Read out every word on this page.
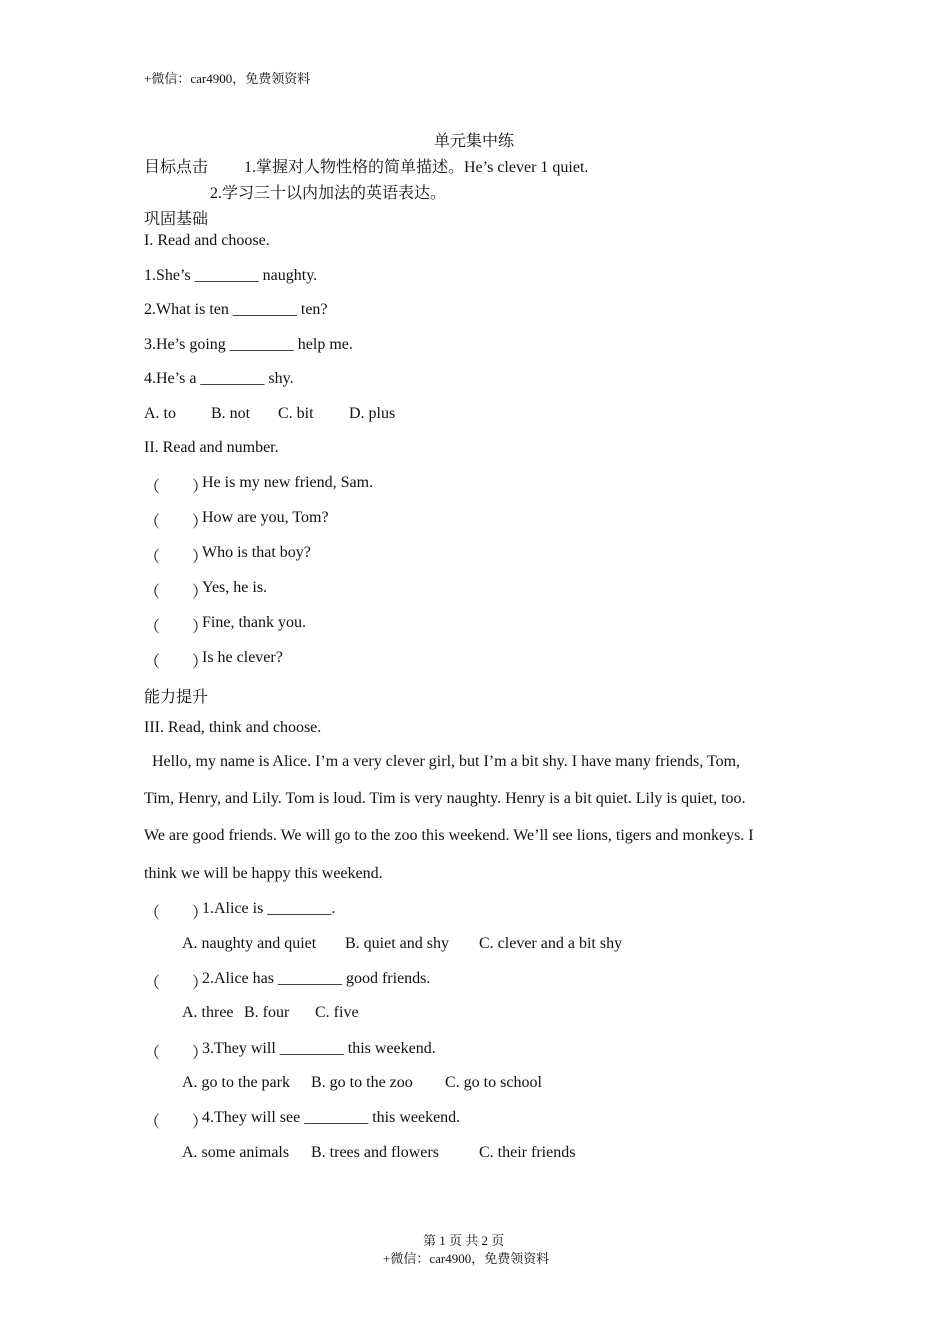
+微信：car4900，免费领资料
单元集中练
目标点击 1.掌握对人物性格的简单描述。He’s clever 1 quiet.
2.学习三十以内加法的英语表达。
巩固基础
I. Read and choose.
1.She’s ________ naughty.
2.What is ten ________ ten?
3.He’s going ________ help me.
4.He’s a ________ shy.
A. to B. not C. bit D. plus
II. Read and number.
（　　）
He is my new friend, Sam.
（　　）
How are you, Tom?
（　　）
Who is that boy?
（　　）
Yes, he is.
（　　）
Fine, thank you.
（　　）
Is he clever?
能力提升
III. Read, think and choose.
Hello, my name is Alice. I’m a very clever girl, but I’m a bit shy. I have many friends, Tom,
Tim, Henry, and Lily. Tom is loud. Tim is very naughty. Henry is a bit quiet. Lily is quiet, too.
We are good friends. We will go to the zoo this weekend. We’ll see lions, tigers and monkeys. I
think we will be happy this weekend.
（　　）
1.Alice is ________.
A. naughty and quiet B. quiet and shy C. clever and a bit shy
（　　）
2.Alice has ________ good friends.
A. three B. four C. five
（　　）
3.They will ________ this weekend.
A. go to the park B. go to the zoo C. go to school
（　　）
4.They will see ________ this weekend.
A. some animals B. trees and flowers	C. their friends
第 1 页 共 2 页
+微信：car4900，免费领资料
